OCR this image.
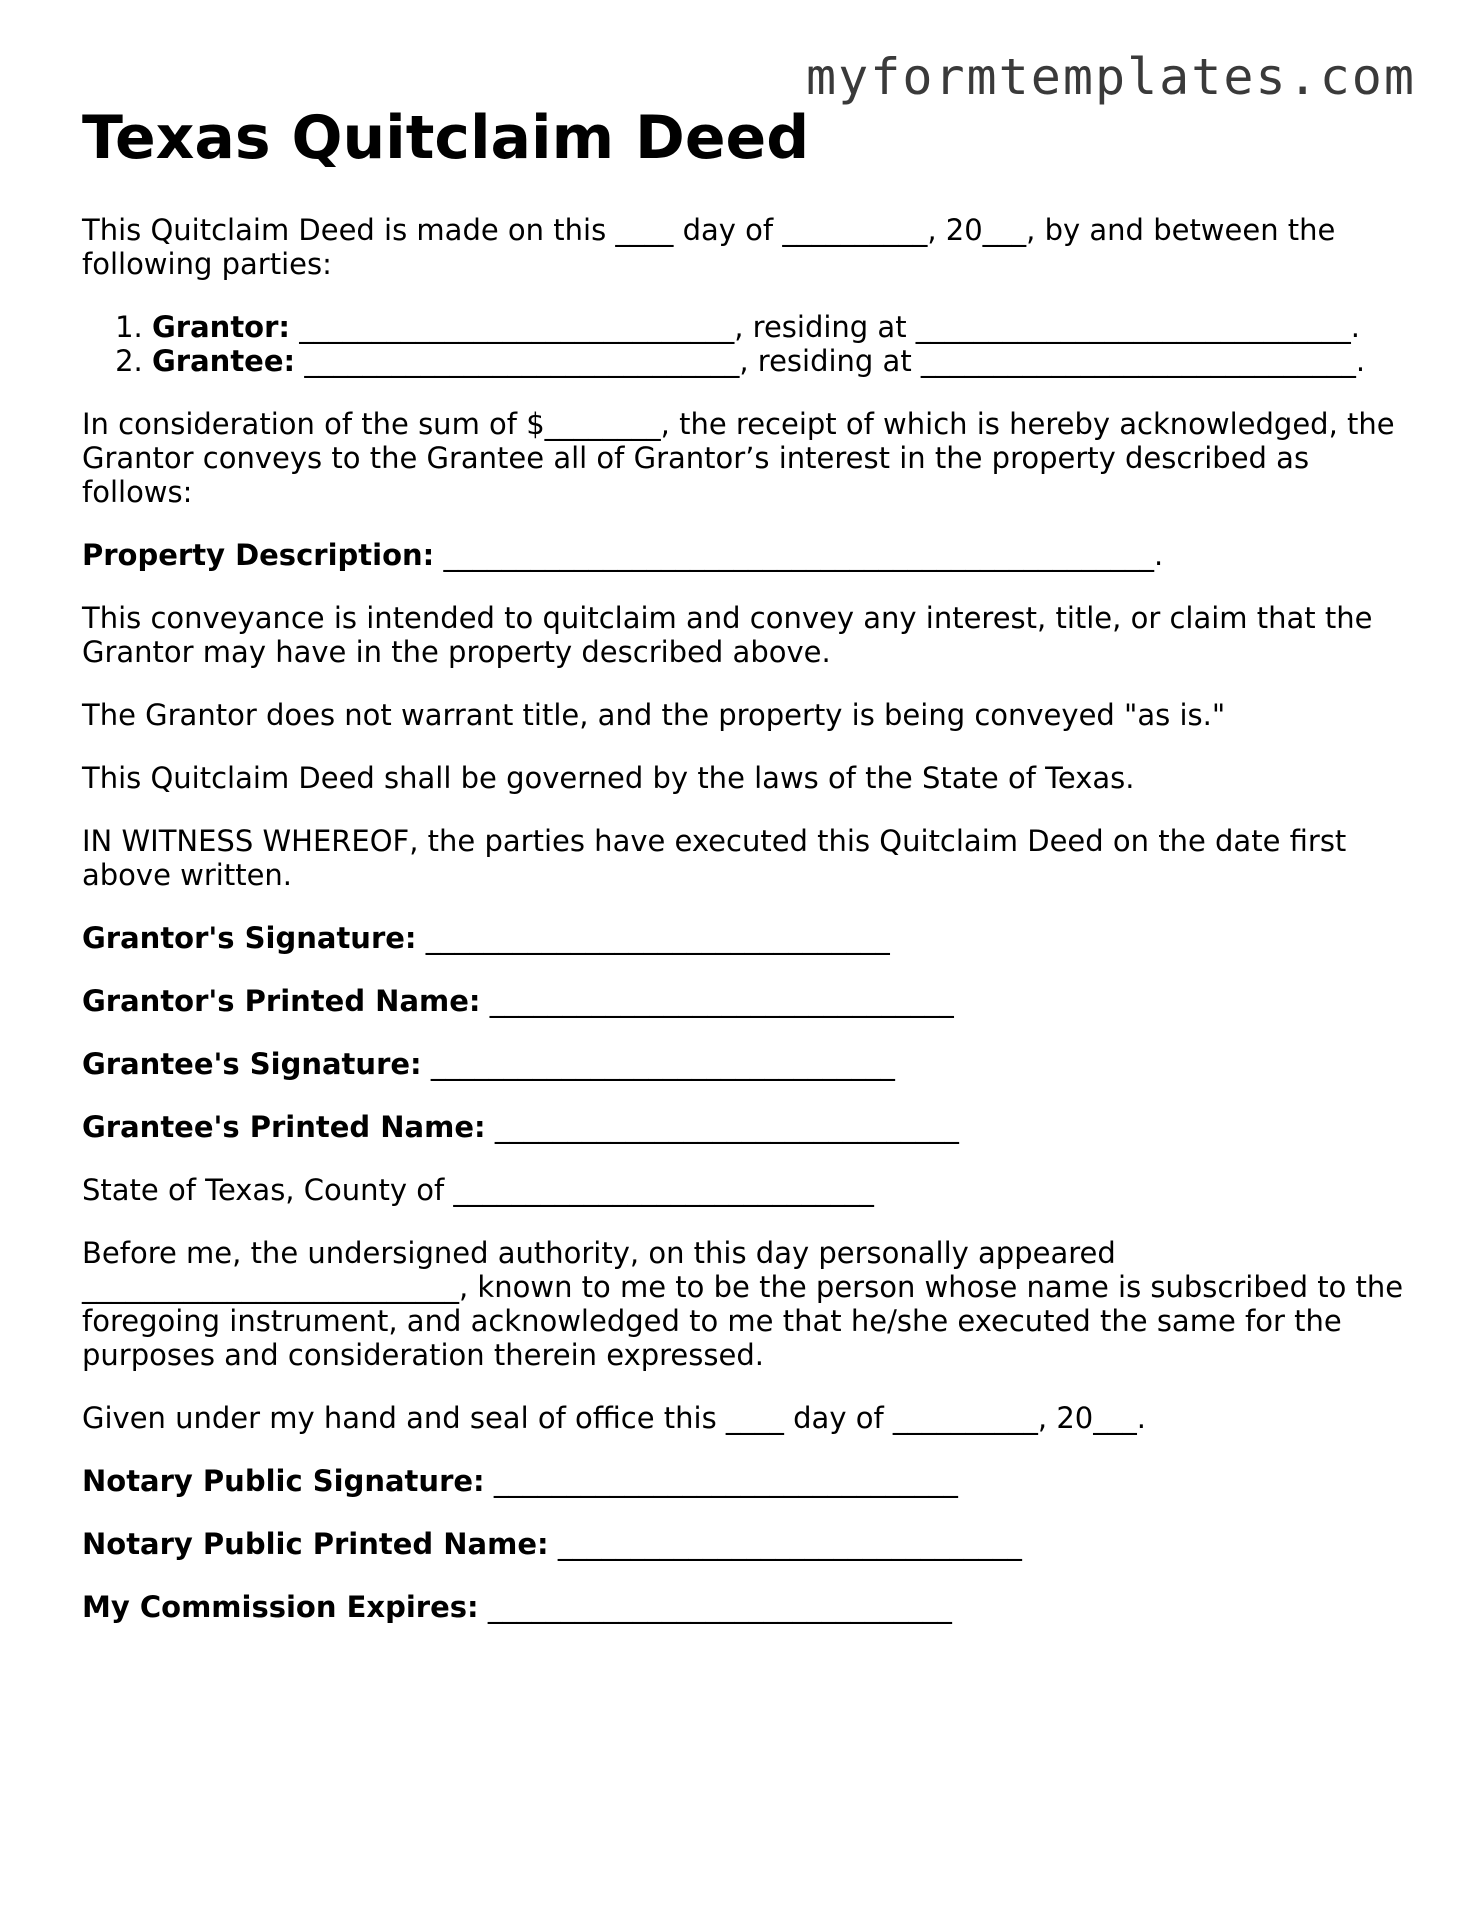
myformtemplates.com
Texas Quitclaim Deed

This Quitclaim Deed is made on this ____ day of __________, 20___, by and between the following parties:

1. Grantor: ______________________________, residing at ______________________________.
2. Grantee: ______________________________, residing at ______________________________.

In consideration of the sum of $________, the receipt of which is hereby acknowledged, the Grantor conveys to the Grantee all of Grantor’s interest in the property described as follows:

Property Description: _________________________________________________.

This conveyance is intended to quitclaim and convey any interest, title, or claim that the Grantor may have in the property described above.

The Grantor does not warrant title, and the property is being conveyed "as is."

This Quitclaim Deed shall be governed by the laws of the State of Texas.

IN WITNESS WHEREOF, the parties have executed this Quitclaim Deed on the date first above written.

Grantor's Signature: ________________________________

Grantor's Printed Name: ________________________________

Grantee's Signature: ________________________________

Grantee's Printed Name: ________________________________

State of Texas, County of _____________________________

Before me, the undersigned authority, on this day personally appeared __________________________, known to me to be the person whose name is subscribed to the foregoing instrument, and acknowledged to me that he/she executed the same for the purposes and consideration therein expressed.

Given under my hand and seal of office this ____ day of __________, 20___.

Notary Public Signature: ________________________________

Notary Public Printed Name: ________________________________

My Commission Expires: ________________________________
